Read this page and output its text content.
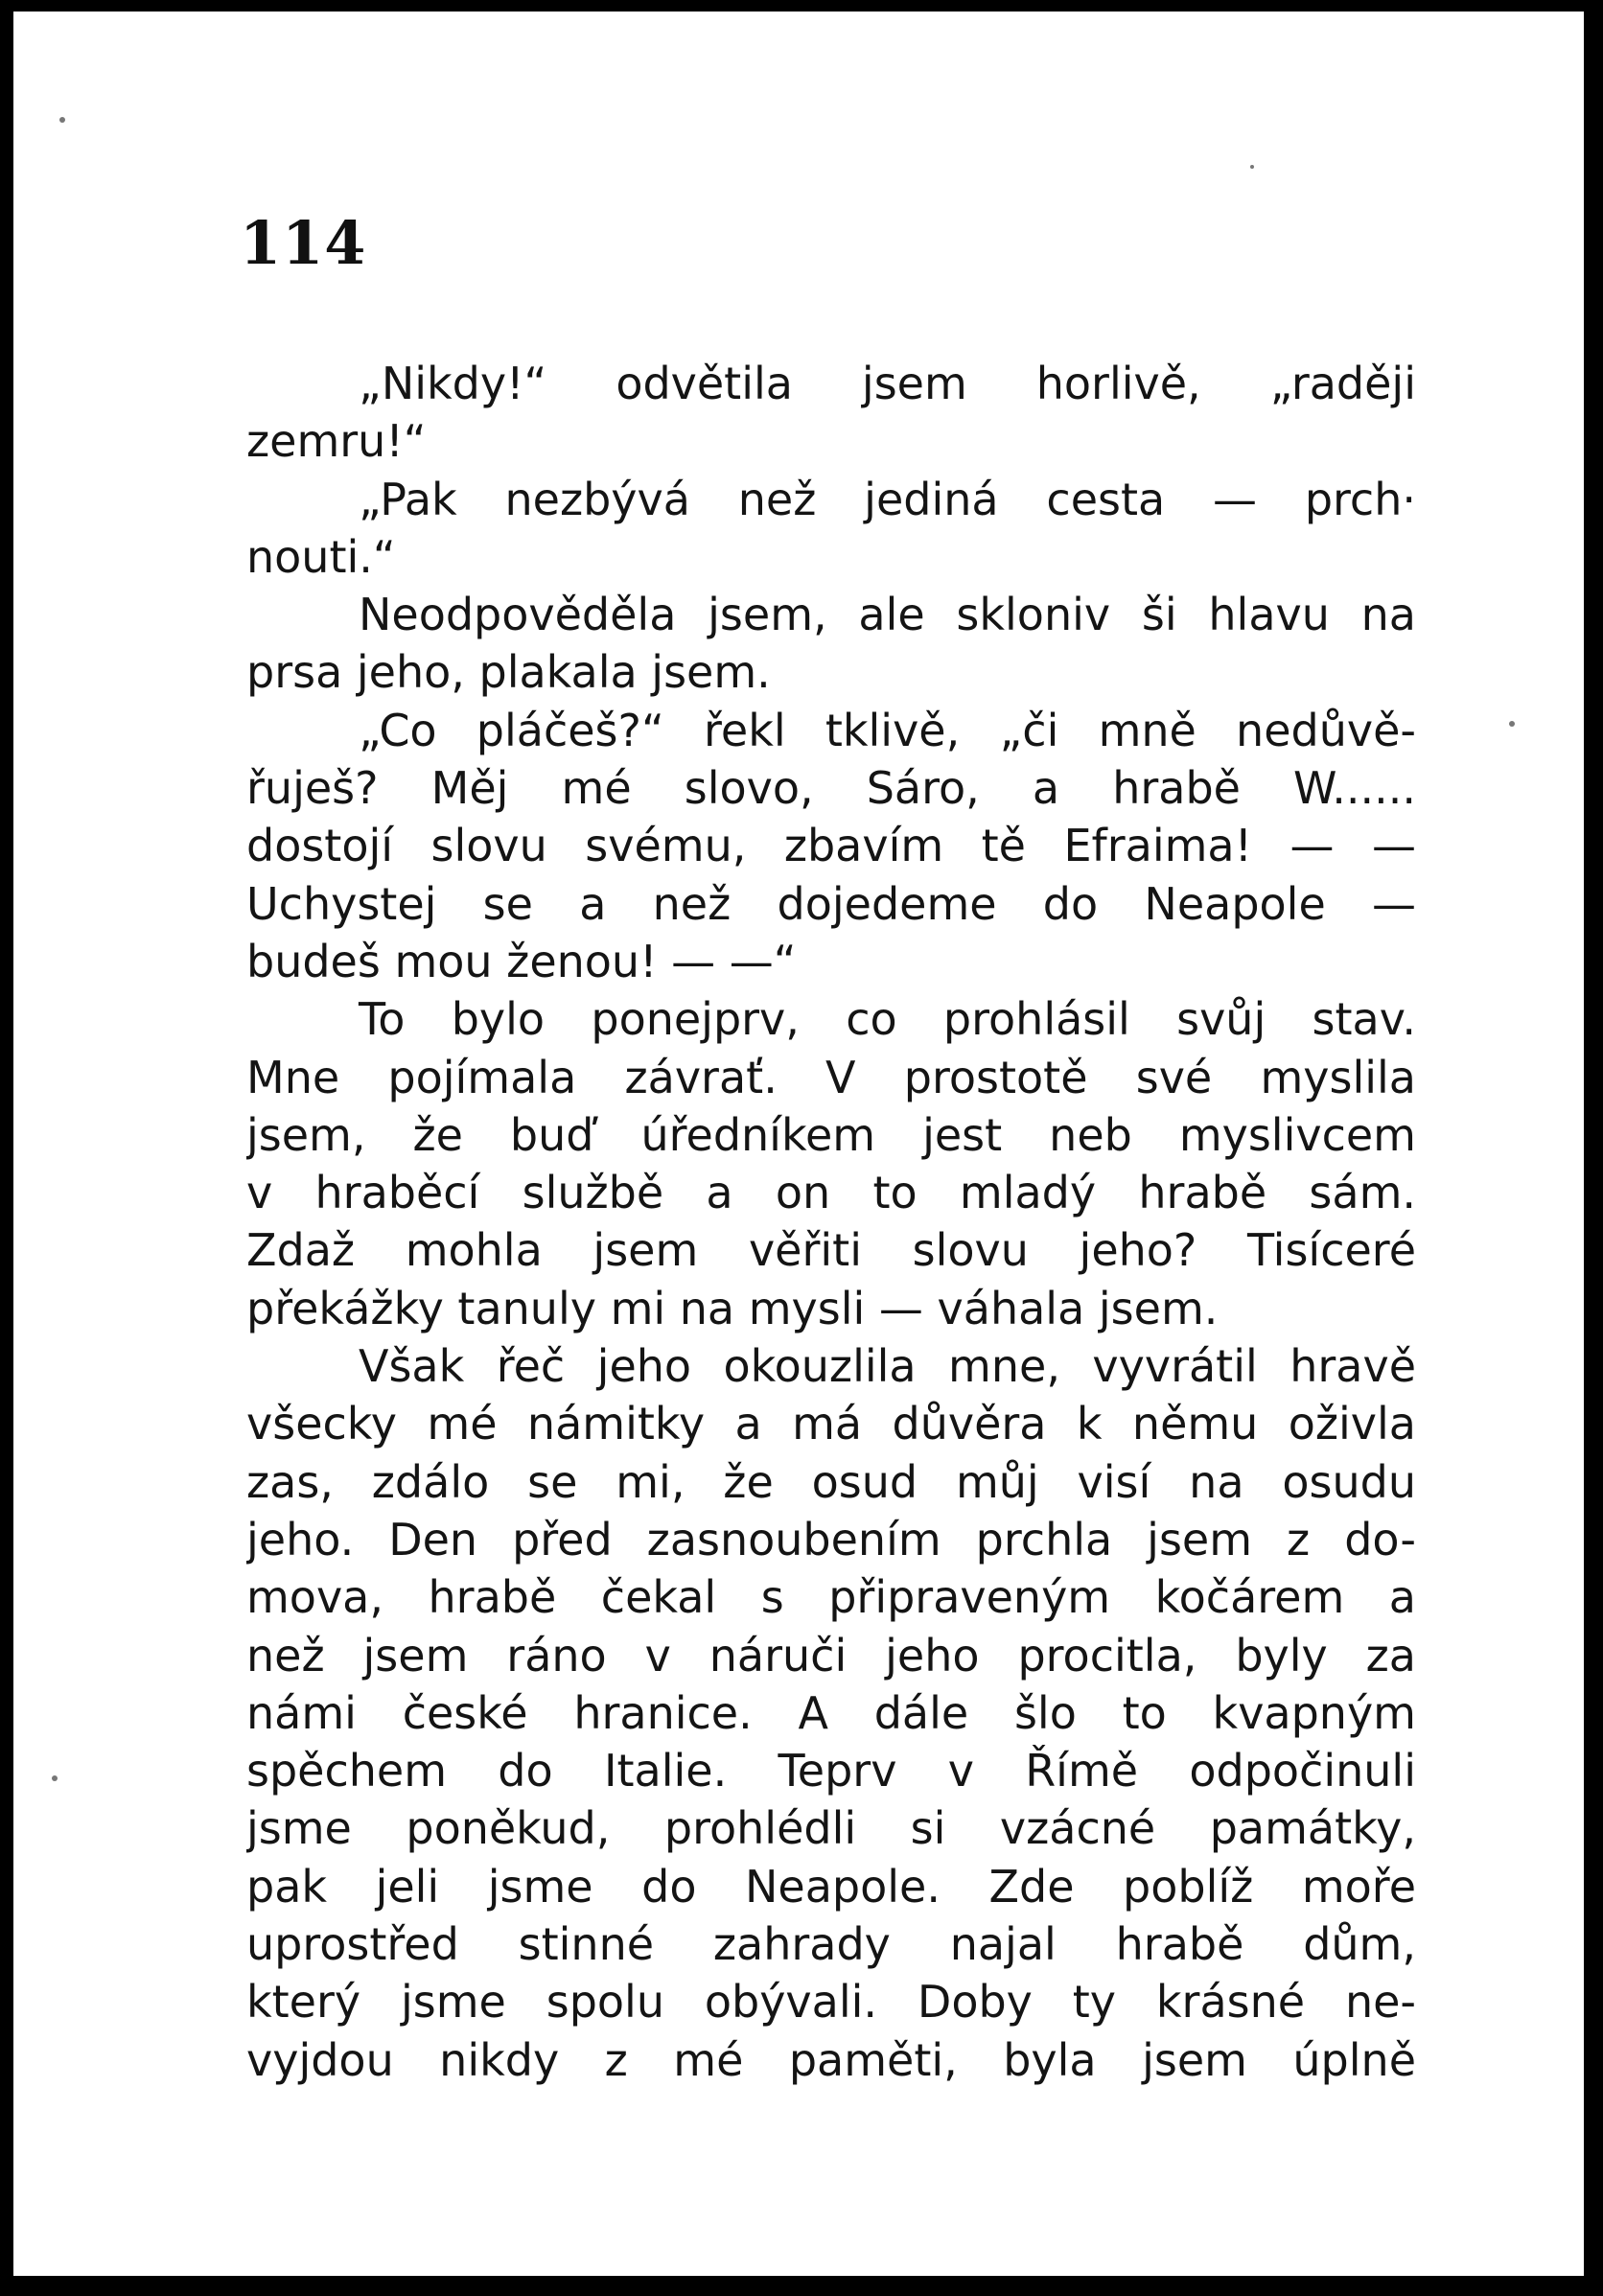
114
„Nikdy!“ odvětila jsem horlivě, „raději
zemru!“
„Pak nezbývá než jediná cesta — prch·
nouti.“
Neodpověděla jsem, ale skloniv ši hlavu na
prsa jeho, plakala jsem.
„Co pláčeš?“ řekl tklivě, „či mně nedůvě-
řuješ? Měj mé slovo, Sáro, a hrabě W......
dostojí slovu svému, zbavím tě Efraima! — —
Uchystej se a než dojedeme do Neapole —
budeš mou ženou! — —“
To bylo ponejprv, co prohlásil svůj stav.
Mne pojímala závrať. V prostotě své myslila
jsem, že buď úředníkem jest neb myslivcem
v hraběcí službě a on to mladý hrabě sám.
Zdaž mohla jsem věřiti slovu jeho? Tisíceré
překážky tanuly mi na mysli — váhala jsem.
Však řeč jeho okouzlila mne, vyvrátil hravě
všecky mé námitky a má důvěra k němu oživla
zas, zdálo se mi, že osud můj visí na osudu
jeho. Den před zasnoubením prchla jsem z do-
mova, hrabě čekal s připraveným kočárem a
než jsem ráno v náruči jeho procitla, byly za
námi české hranice. A dále šlo to kvapným
spěchem do Italie. Teprv v Římě odpočinuli
jsme poněkud, prohlédli si vzácné památky,
pak jeli jsme do Neapole. Zde poblíž moře
uprostřed stinné zahrady najal hrabě dům,
který jsme spolu obývali. Doby ty krásné ne-
vyjdou nikdy z mé paměti, byla jsem úplně
